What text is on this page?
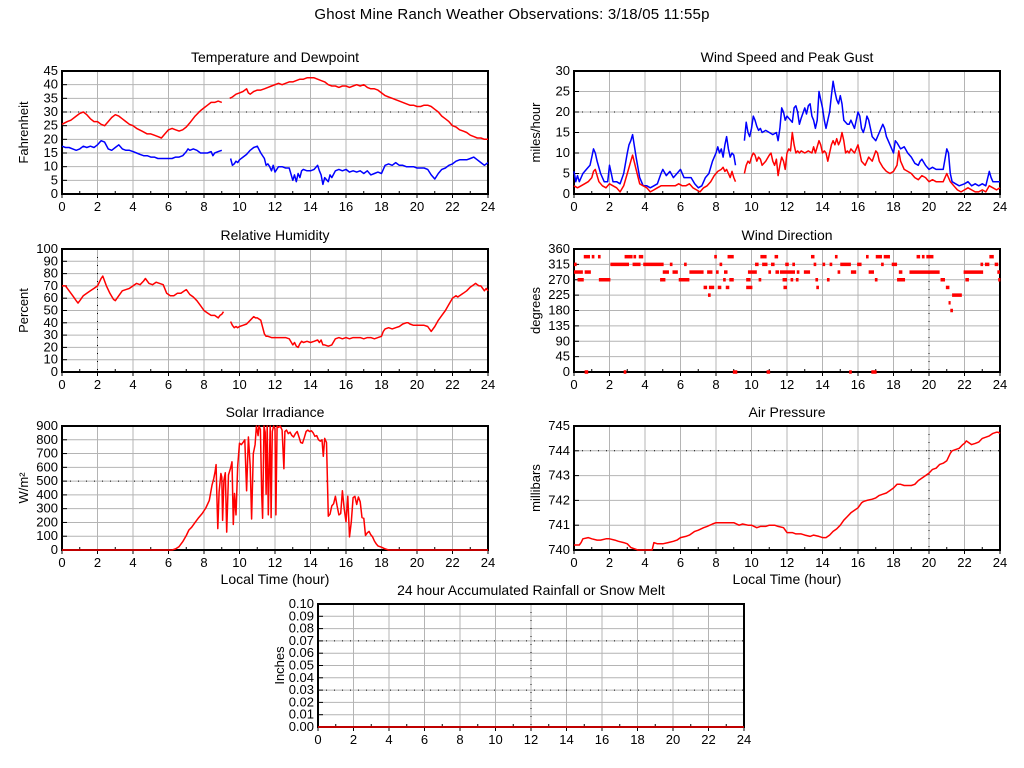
Ghost Mine Ranch Weather Observations: 3/18/05 11:55p
0
5
10
15
20
25
30
35
40
45
0 2 4 6 8 10 12 14 16 18 20 22 24
Temperature and Dewpoint
Fahrenheit
0
5
10
15
20
25
30
0 2 4 6 8 10 12 14 16 18 20 22 24
Wind Speed and Peak Gust
miles/hour
0
10
20
30
40
50
60
70
80
90
100
0 2 4 6 8 10 12 14 16 18 20 22 24
Relative Humidity
Percent
0
45
90
135
180
225
270
315
360
0 2 4 6 8 10 12 14 16 18 20 22 24
Wind Direction
degrees
0
100
200
300
400
500
600
700
800
900
0 2 4 6 8 10 12 14 16 18 20 22 24
Solar Irradiance
W/m²
Local Time (hour)
740
741
742
743
744
745
0 2 4 6 8 10 12 14 16 18 20 22 24
Air Pressure
millibars
Local Time (hour)
0.00
0.01
0.02
0.03
0.04
0.05
0.06
0.07
0.08
0.09
0.10
0 2 4 6 8 10 12 14 16 18 20 22 24
24 hour Accumulated Rainfall or Snow Melt
Inches
